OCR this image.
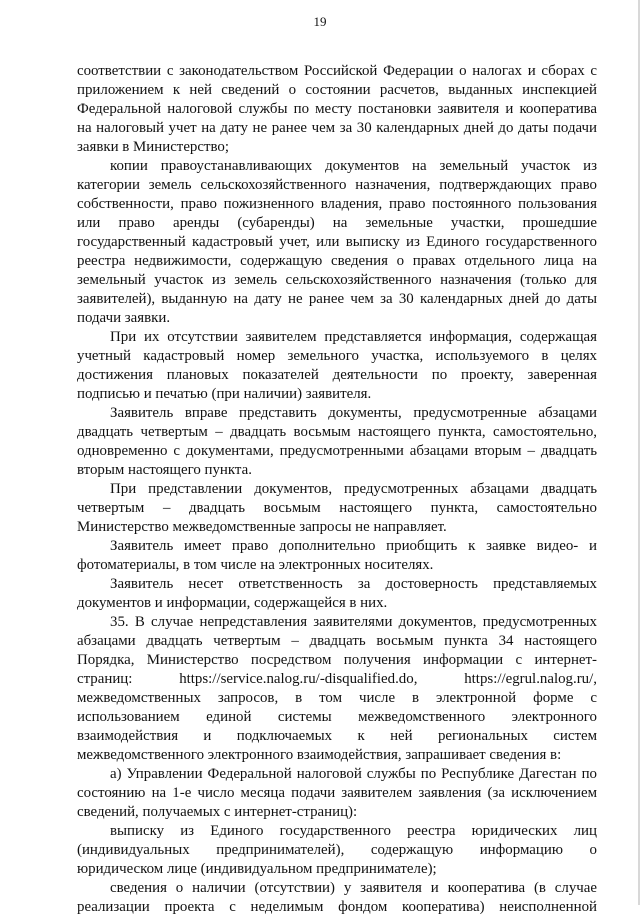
19
соответствии с законодательством Российской Федерации о налогах и сборах с
приложением к ней сведений о состоянии расчетов, выданных инспекцией
Федеральной налоговой службы по месту постановки заявителя и кооператива
на налоговый учет на дату не ранее чем за 30 календарных дней до даты подачи
заявки в Министерство;
копии правоустанавливающих документов на земельный участок из
категории земель сельскохозяйственного назначения, подтверждающих право
собственности, право пожизненного владения, право постоянного пользования
или право аренды (субаренды) на земельные участки, прошедшие
государственный кадастровый учет, или выписку из Единого государственного
реестра недвижимости, содержащую сведения о правах отдельного лица на
земельный участок из земель сельскохозяйственного назначения (только для
заявителей), выданную на дату не ранее чем за 30 календарных дней до даты
подачи заявки.
При их отсутствии заявителем представляется информация, содержащая
учетный кадастровый номер земельного участка, используемого в целях
достижения плановых показателей деятельности по проекту, заверенная
подписью и печатью (при наличии) заявителя.
Заявитель вправе представить документы, предусмотренные абзацами
двадцать четвертым – двадцать восьмым настоящего пункта, самостоятельно,
одновременно с документами, предусмотренными абзацами вторым – двадцать
вторым настоящего пункта.
При представлении документов, предусмотренных абзацами двадцать
четвертым – двадцать восьмым настоящего пункта, самостоятельно
Министерство межведомственные запросы не направляет.
Заявитель имеет право дополнительно приобщить к заявке видео- и
фотоматериалы, в том числе на электронных носителях.
Заявитель несет ответственность за достоверность представляемых
документов и информации, содержащейся в них.
35. В случае непредставления заявителями документов, предусмотренных
абзацами двадцать четвертым – двадцать восьмым пункта 34 настоящего
Порядка, Министерство посредством получения информации с интернет-
страниц: https://service.nalog.ru/-disqualified.do, https://egrul.nalog.ru/,
межведомственных запросов, в том числе в электронной форме с
использованием единой системы межведомственного электронного
взаимодействия и подключаемых к ней региональных систем
межведомственного электронного взаимодействия, запрашивает сведения в:
а) Управлении Федеральной налоговой службы по Республике Дагестан по
состоянию на 1-е число месяца подачи заявителем заявления (за исключением
сведений, получаемых с интернет-страниц):
выписку из Единого государственного реестра юридических лиц
(индивидуальных предпринимателей), содержащую информацию о
юридическом лице (индивидуальном предпринимателе);
сведения о наличии (отсутствии) у заявителя и кооператива (в случае
реализации проекта с неделимым фондом кооператива) неисполненной
